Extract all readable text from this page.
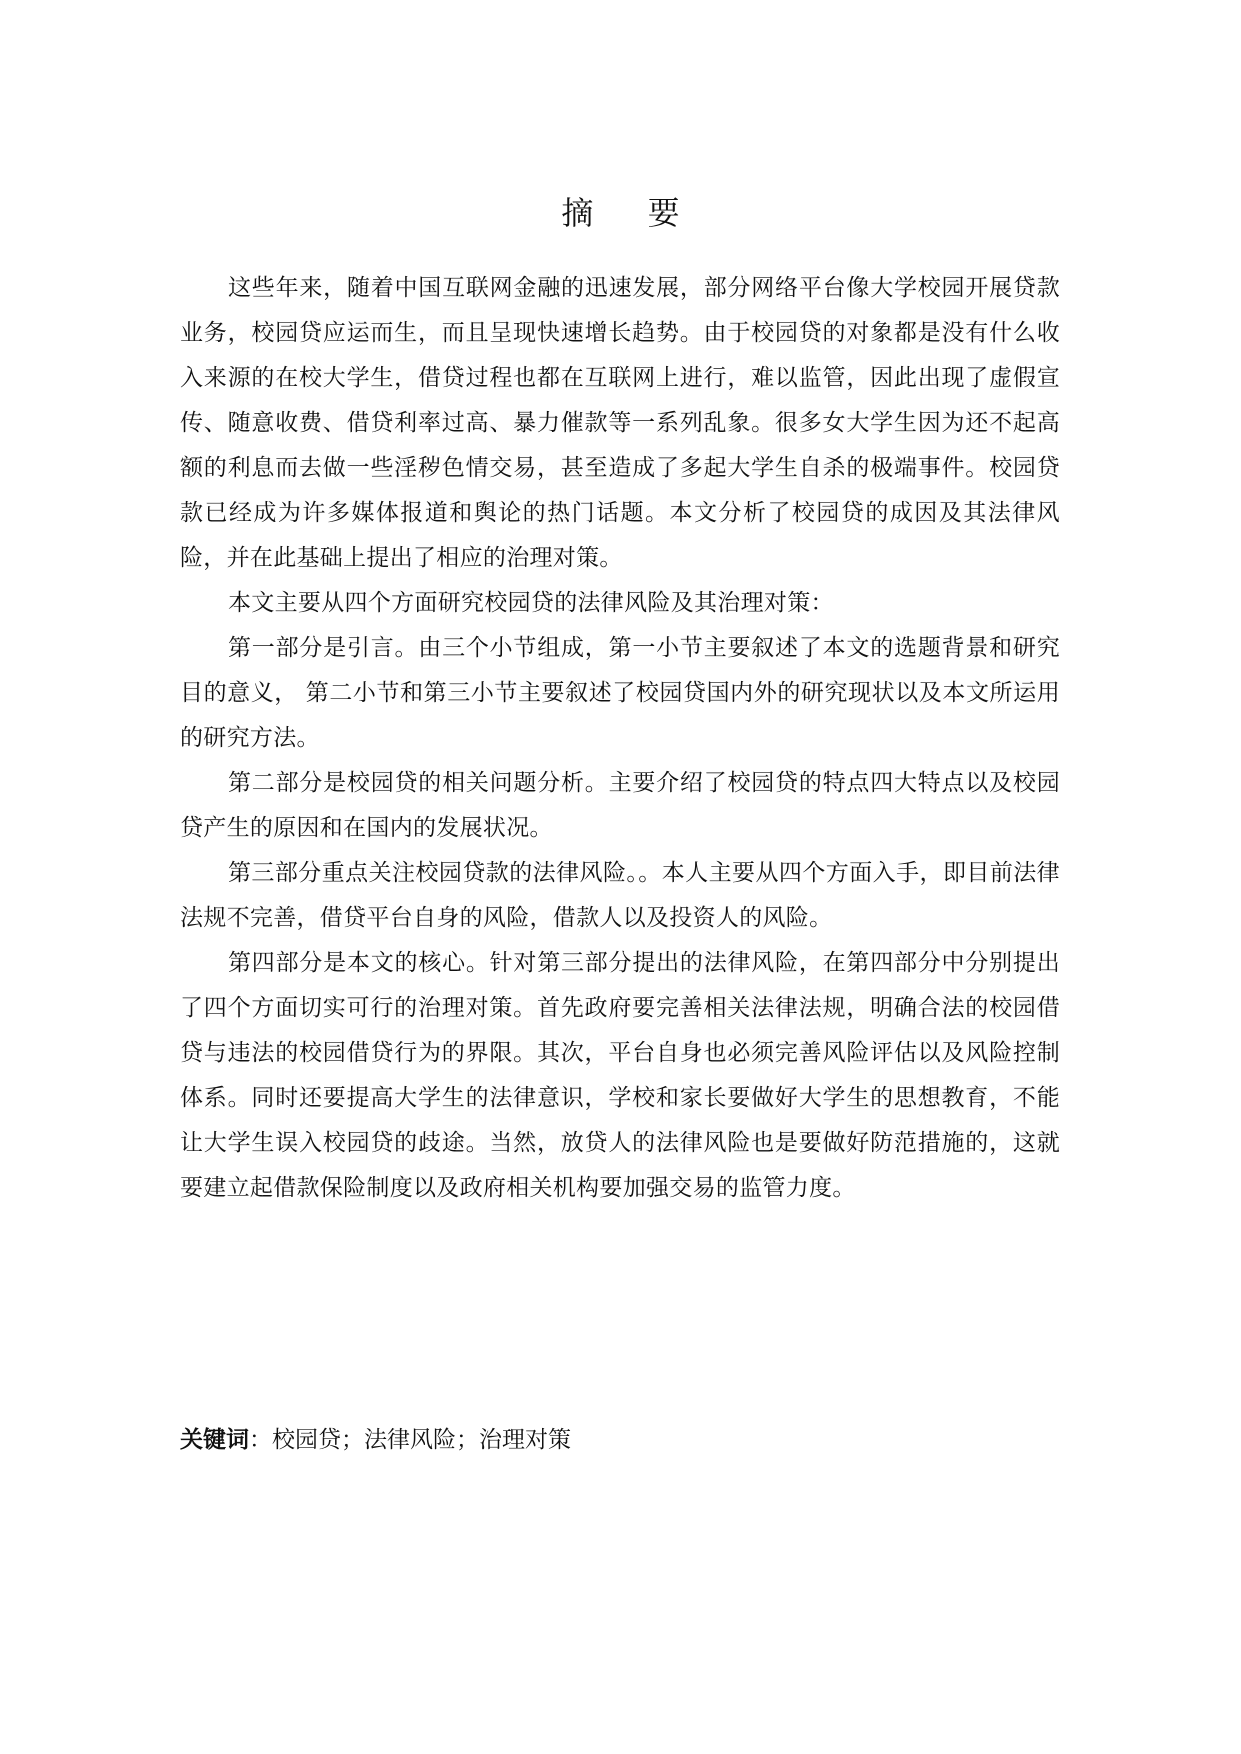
摘 要

这些年来，随着中国互联网金融的迅速发展，部分网络平台像大学校园开展贷款业务，校园贷应运而生，而且呈现快速增长趋势。由于校园贷的对象都是没有什么收入来源的在校大学生，借贷过程也都在互联网上进行，难以监管，因此出现了虚假宣传、随意收费、借贷利率过高、暴力催款等一系列乱象。很多女大学生因为还不起高额的利息而去做一些淫秽色情交易，甚至造成了多起大学生自杀的极端事件。校园贷款已经成为许多媒体报道和舆论的热门话题。本文分析了校园贷的成因及其法律风险，并在此基础上提出了相应的治理对策。

本文主要从四个方面研究校园贷的法律风险及其治理对策：

第一部分是引言。由三个小节组成，第一小节主要叙述了本文的选题背景和研究目的意义， 第二小节和第三小节主要叙述了校园贷国内外的研究现状以及本文所运用的研究方法。

第二部分是校园贷的相关问题分析。主要介绍了校园贷的特点四大特点以及校园贷产生的原因和在国内的发展状况。

第三部分重点关注校园贷款的法律风险。。本人主要从四个方面入手，即目前法律法规不完善，借贷平台自身的风险，借款人以及投资人的风险。

第四部分是本文的核心。针对第三部分提出的法律风险，在第四部分中分别提出了四个方面切实可行的治理对策。首先政府要完善相关法律法规，明确合法的校园借贷与违法的校园借贷行为的界限。其次，平台自身也必须完善风险评估以及风险控制体系。同时还要提高大学生的法律意识，学校和家长要做好大学生的思想教育，不能让大学生误入校园贷的歧途。当然，放贷人的法律风险也是要做好防范措施的，这就要建立起借款保险制度以及政府相关机构要加强交易的监管力度。

关键词：校园贷；法律风险；治理对策
